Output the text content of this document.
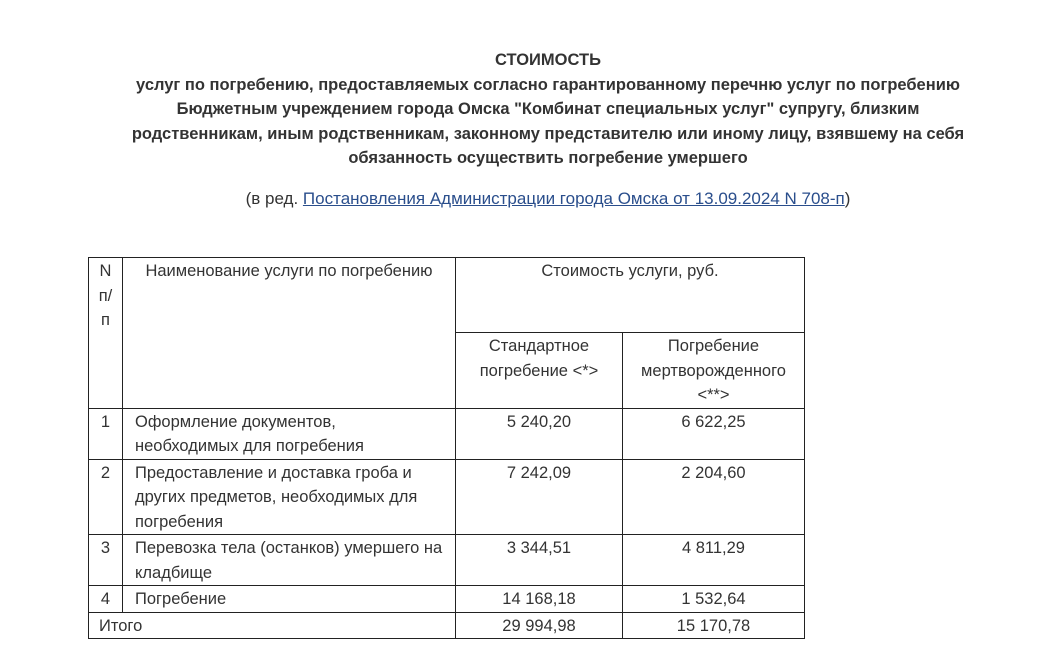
СТОИМОСТЬ
услуг по погребению, предоставляемых согласно гарантированному перечню услуг по погребению
Бюджетным учреждением города Омска "Комбинат специальных услуг" супругу, близким
родственникам, иным родственникам, законному представителю или иному лицу, взявшему на себя
обязанность осуществить погребение умершего
(в ред. Постановления Администрации города Омска от 13.09.2024 N 708-п)
N п/ п	Наименование услуги по погребению	Стоимость услуги, руб.	
		Стандартное погребение <*>	Погребение мертворожденного <**>
1	Оформление документов, необходимых для погребения	5 240,20	6 622,25
2	Предоставление и доставка гроба и других предметов, необходимых для погребения	7 242,09	2 204,60
3	Перевозка тела (останков) умершего на кладбище	3 344,51	4 811,29
4	Погребение	14 168,18	1 532,64
Итого		29 994,98	15 170,78
